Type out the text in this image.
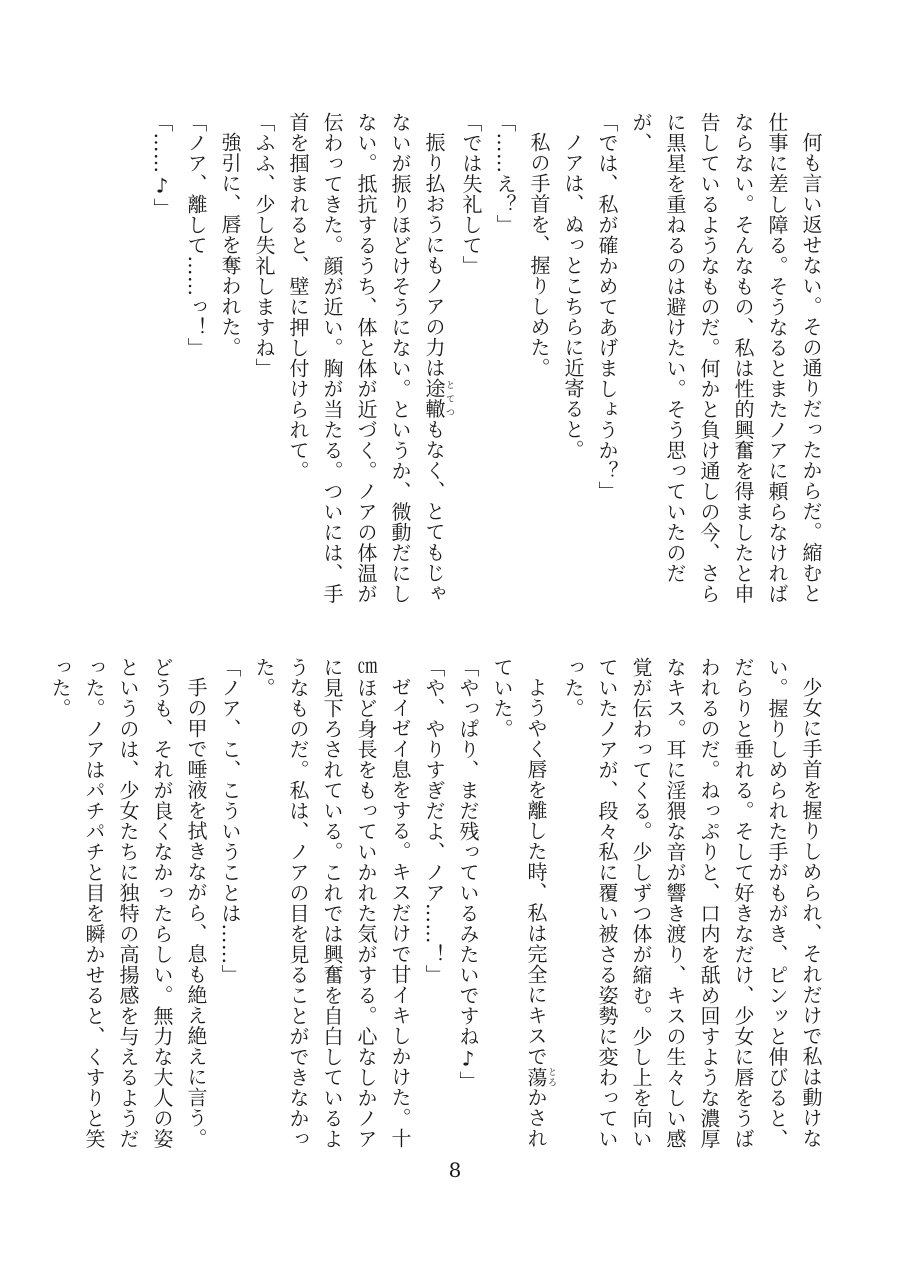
何も言い返せない。その通りだったからだ。縮むと仕事に差し障る。そうなるとまたノアに頼らなければならない。そんなもの、私は性的興奮を得ましたと申告しているようなものだ。何かと負け通しの今、さらに黒星を重ねるのは避けたい。そう思っていたのだが、

「では、私が確かめてあげましょうか？」

ノアは、ぬっとこちらに近寄ると。

私の手首を、握りしめた。

「……え？」

「では失礼して」

振り払おうにもノアの力は途轍とてつもなく、とてもじゃないが振りほどけそうにない。というか、微動だにしない。抵抗するうち、体と体が近づく。ノアの体温が伝わってきた。顔が近い。胸が当たる。ついには、手首を掴まれると、壁に押し付けられて。

「ふふ、少し失礼しますね」

強引に、唇を奪われた。

「ノア、離して……っ！」

「……♪」

少女に手首を握りしめられ、それだけで私は動けない。握りしめられた手がもがき、ピンッと伸びると、だらりと垂れる。そして好きなだけ、少女に唇をうばわれるのだ。ねっぷりと、口内を舐め回すような濃厚なキス。耳に淫猥な音が響き渡り、キスの生々しい感覚が伝わってくる。少しずつ体が縮む。少し上を向いていたノアが、段々私に覆い被さる姿勢に変わっていった。

ようやく唇を離した時、私は完全にキスで蕩とろかされていた。

「やっぱり、まだ残っているみたいですね♪」

「や、やりすぎだよ、ノア……！」

ゼイゼイ息をする。キスだけで甘イキしかけた。十㎝ほど身長をもっていかれた気がする。心なしかノアに見下ろされている。これでは興奮を自白しているようなものだ。私は、ノアの目を見ることができなかった。

「ノア、こ、こういうことは……」

手の甲で唾液を拭きながら、息も絶え絶えに言う。どうも、それが良くなかったらしい。無力な大人の姿というのは、少女たちに独特の高揚感を与えるようだった。ノアはパチパチと目を瞬かせると、くすりと笑った。

8
